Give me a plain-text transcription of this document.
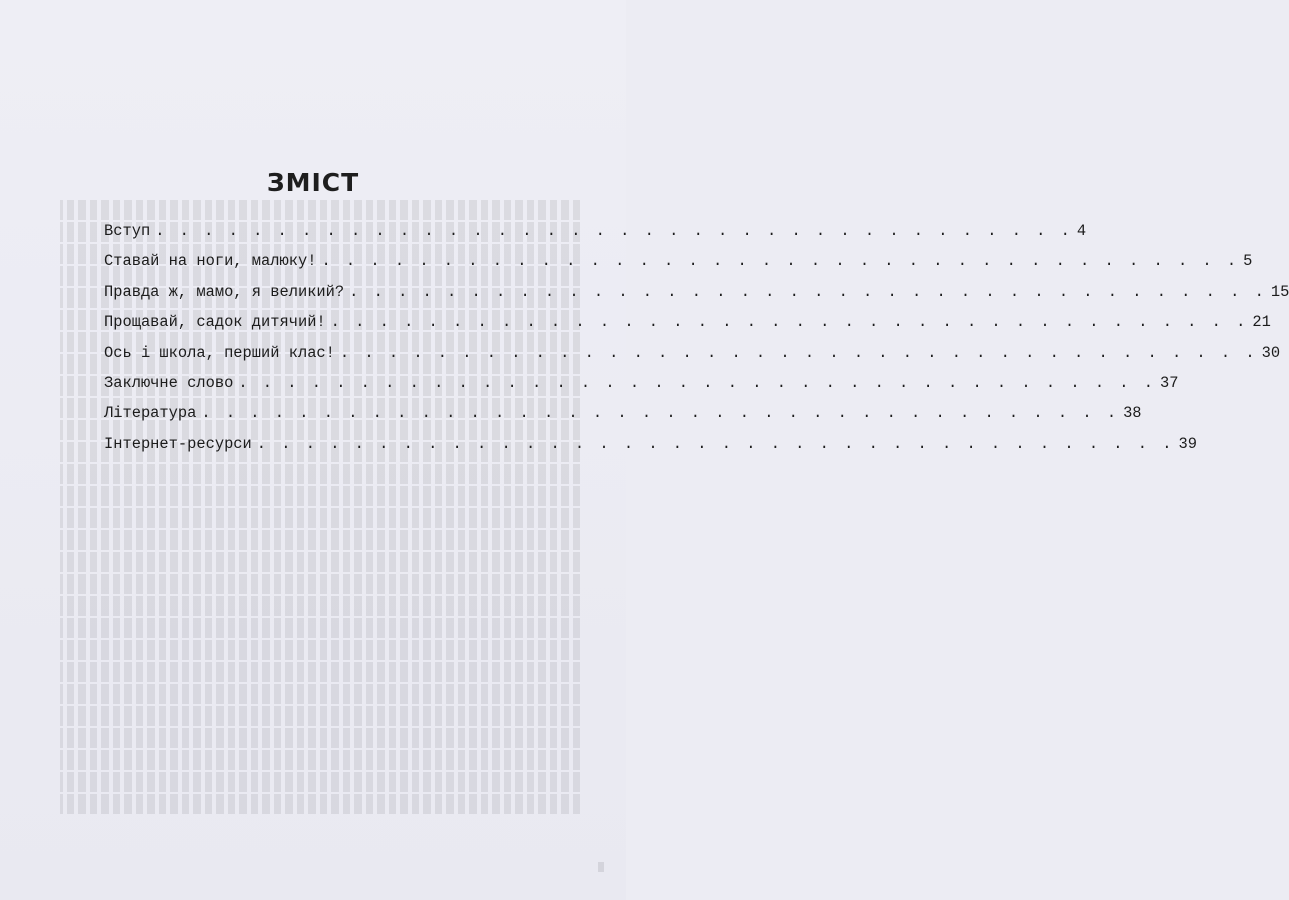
ЗМІСТ
Вступ . . . . . . . . . . . . . . . . . . . . . . . . . . . . . . . . . . . . . . 4
Ставай на ноги, малюку! . . . . . . . . . . . . . . . . . . . . . . . . . . . . . . . . . . . . . . 5
Правда ж, мамо, я великий? . . . . . . . . . . . . . . . . . . . . . . . . . . . . . . . . . . . . . . 15
Прощавай, садок дитячий! . . . . . . . . . . . . . . . . . . . . . . . . . . . . . . . . . . . . . . 21
Ось і школа, перший клас! . . . . . . . . . . . . . . . . . . . . . . . . . . . . . . . . . . . . . . 30
Заключне слово . . . . . . . . . . . . . . . . . . . . . . . . . . . . . . . . . . . . . . 37
Література . . . . . . . . . . . . . . . . . . . . . . . . . . . . . . . . . . . . . . 38
Інтернет-ресурси . . . . . . . . . . . . . . . . . . . . . . . . . . . . . . . . . . . . . . 39
